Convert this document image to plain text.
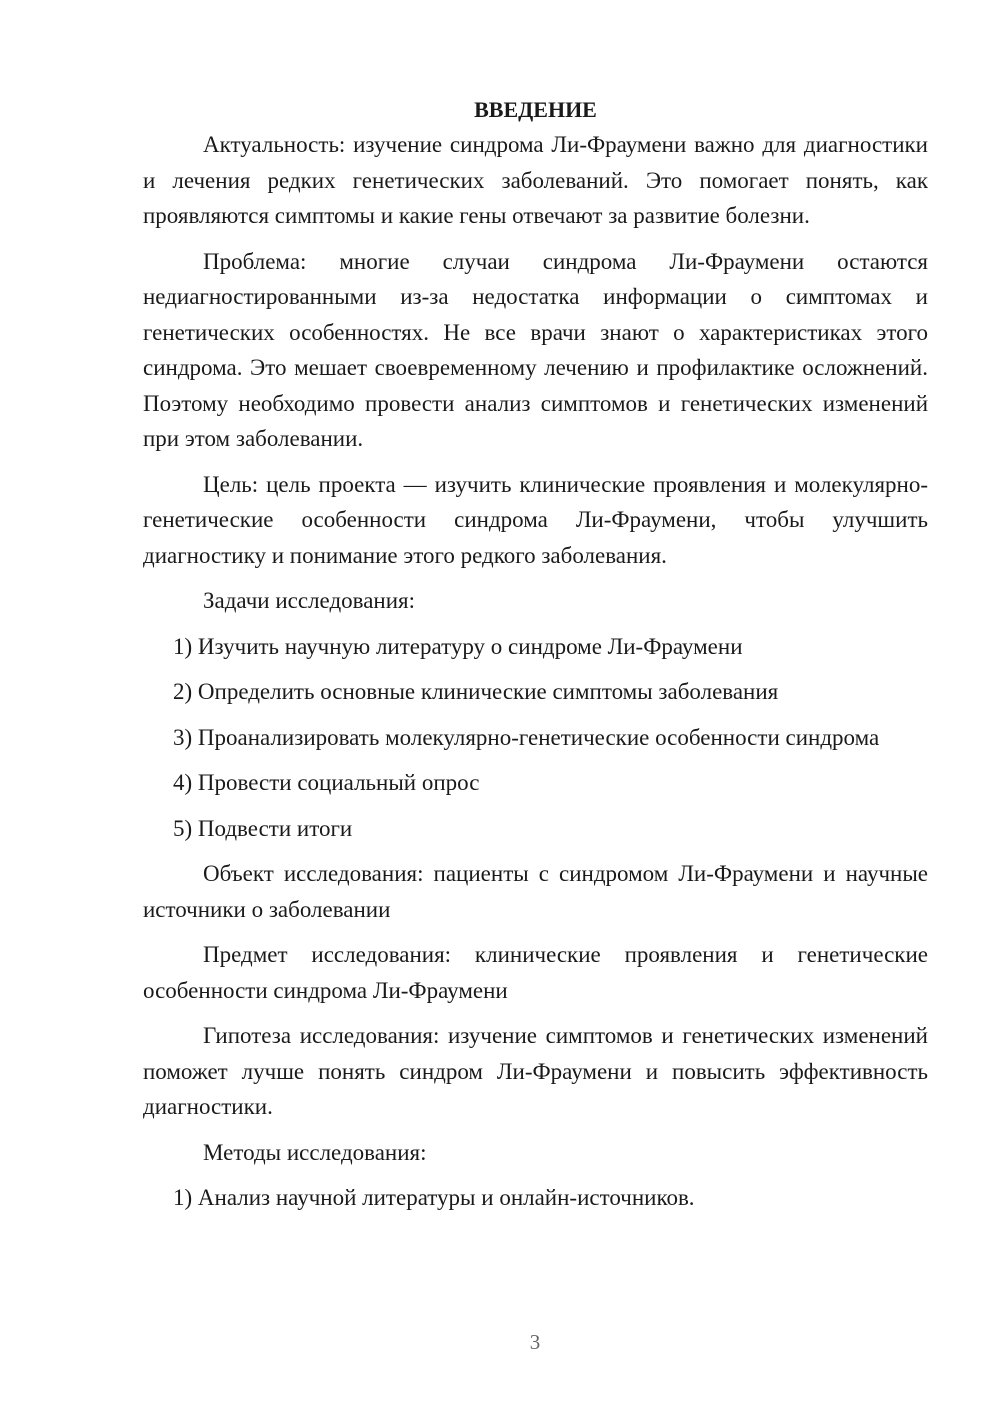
ВВЕДЕНИЕ

Актуальность: изучение синдрома Ли-Фраумени важно для диагностики и лечения редких генетических заболеваний. Это помогает понять, как проявляются симптомы и какие гены отвечают за развитие болезни.

Проблема: многие случаи синдрома Ли-Фраумени остаются недиагностированными из-за недостатка информации о симптомах и генетических особенностях. Не все врачи знают о характеристиках этого синдрома. Это мешает своевременному лечению и профилактике осложнений. Поэтому необходимо провести анализ симптомов и генетических изменений при этом заболевании.

Цель: цель проекта — изучить клинические проявления и молекулярно-генетические особенности синдрома Ли-Фраумени, чтобы улучшить диагностику и понимание этого редкого заболевания.

Задачи исследования:

1) Изучить научную литературу о синдроме Ли-Фраумени

2) Определить основные клинические симптомы заболевания

3) Проанализировать молекулярно-генетические особенности синдрома

4) Провести социальный опрос

5) Подвести итоги

Объект исследования: пациенты с синдромом Ли-Фраумени и научные источники о заболевании

Предмет исследования: клинические проявления и генетические особенности синдрома Ли-Фраумени

Гипотеза исследования: изучение симптомов и генетических изменений поможет лучше понять синдром Ли-Фраумени и повысить эффективность диагностики.

Методы исследования:

1) Анализ научной литературы и онлайн-источников.

3
